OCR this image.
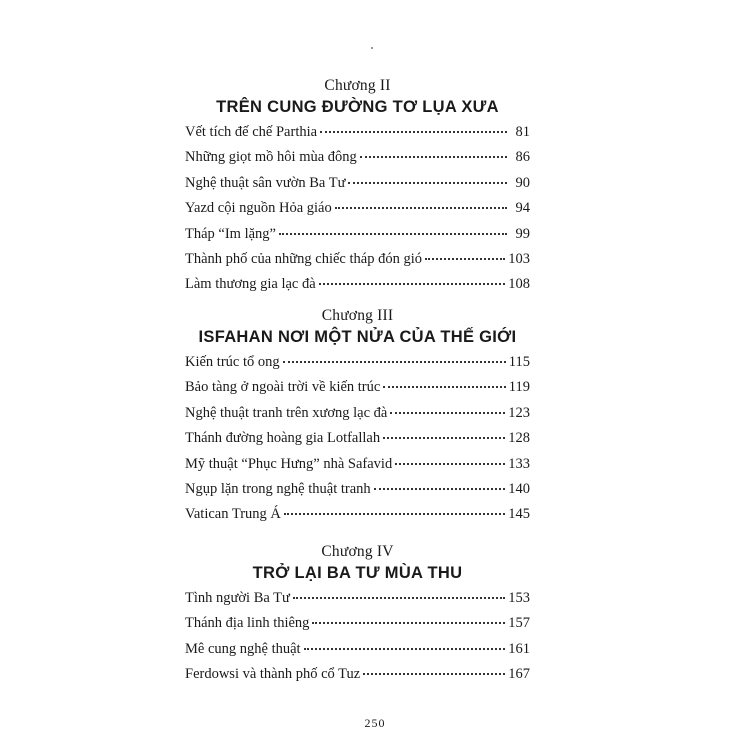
Chương II
TRÊN CUNG ĐƯỜNG TƠ LỤA XƯA
Vết tích đế chế Parthia	81
Những giọt mồ hôi mùa đông	86
Nghệ thuật sân vườn Ba Tư	90
Yazd cội nguồn Hỏa giáo	94
Tháp “Im lặng”	99
Thành phố của những chiếc tháp đón gió	103
Làm thương gia lạc đà	108
Chương III
ISFAHAN NƠI MỘT NỬA CỦA THẾ GIỚI
Kiến trúc tổ ong	115
Bảo tàng ở ngoài trời về kiến trúc	119
Nghệ thuật tranh trên xương lạc đà	123
Thánh đường hoàng gia Lotfallah	128
Mỹ thuật “Phục Hưng” nhà Safavid	133
Ngụp lặn trong nghệ thuật tranh	140
Vatican Trung Á	145
Chương IV
TRỞ LẠI BA TƯ MÙA THU
Tình người Ba Tư	153
Thánh địa linh thiêng	157
Mê cung nghệ thuật	161
Ferdowsi và thành phố cổ Tuz	167
250
